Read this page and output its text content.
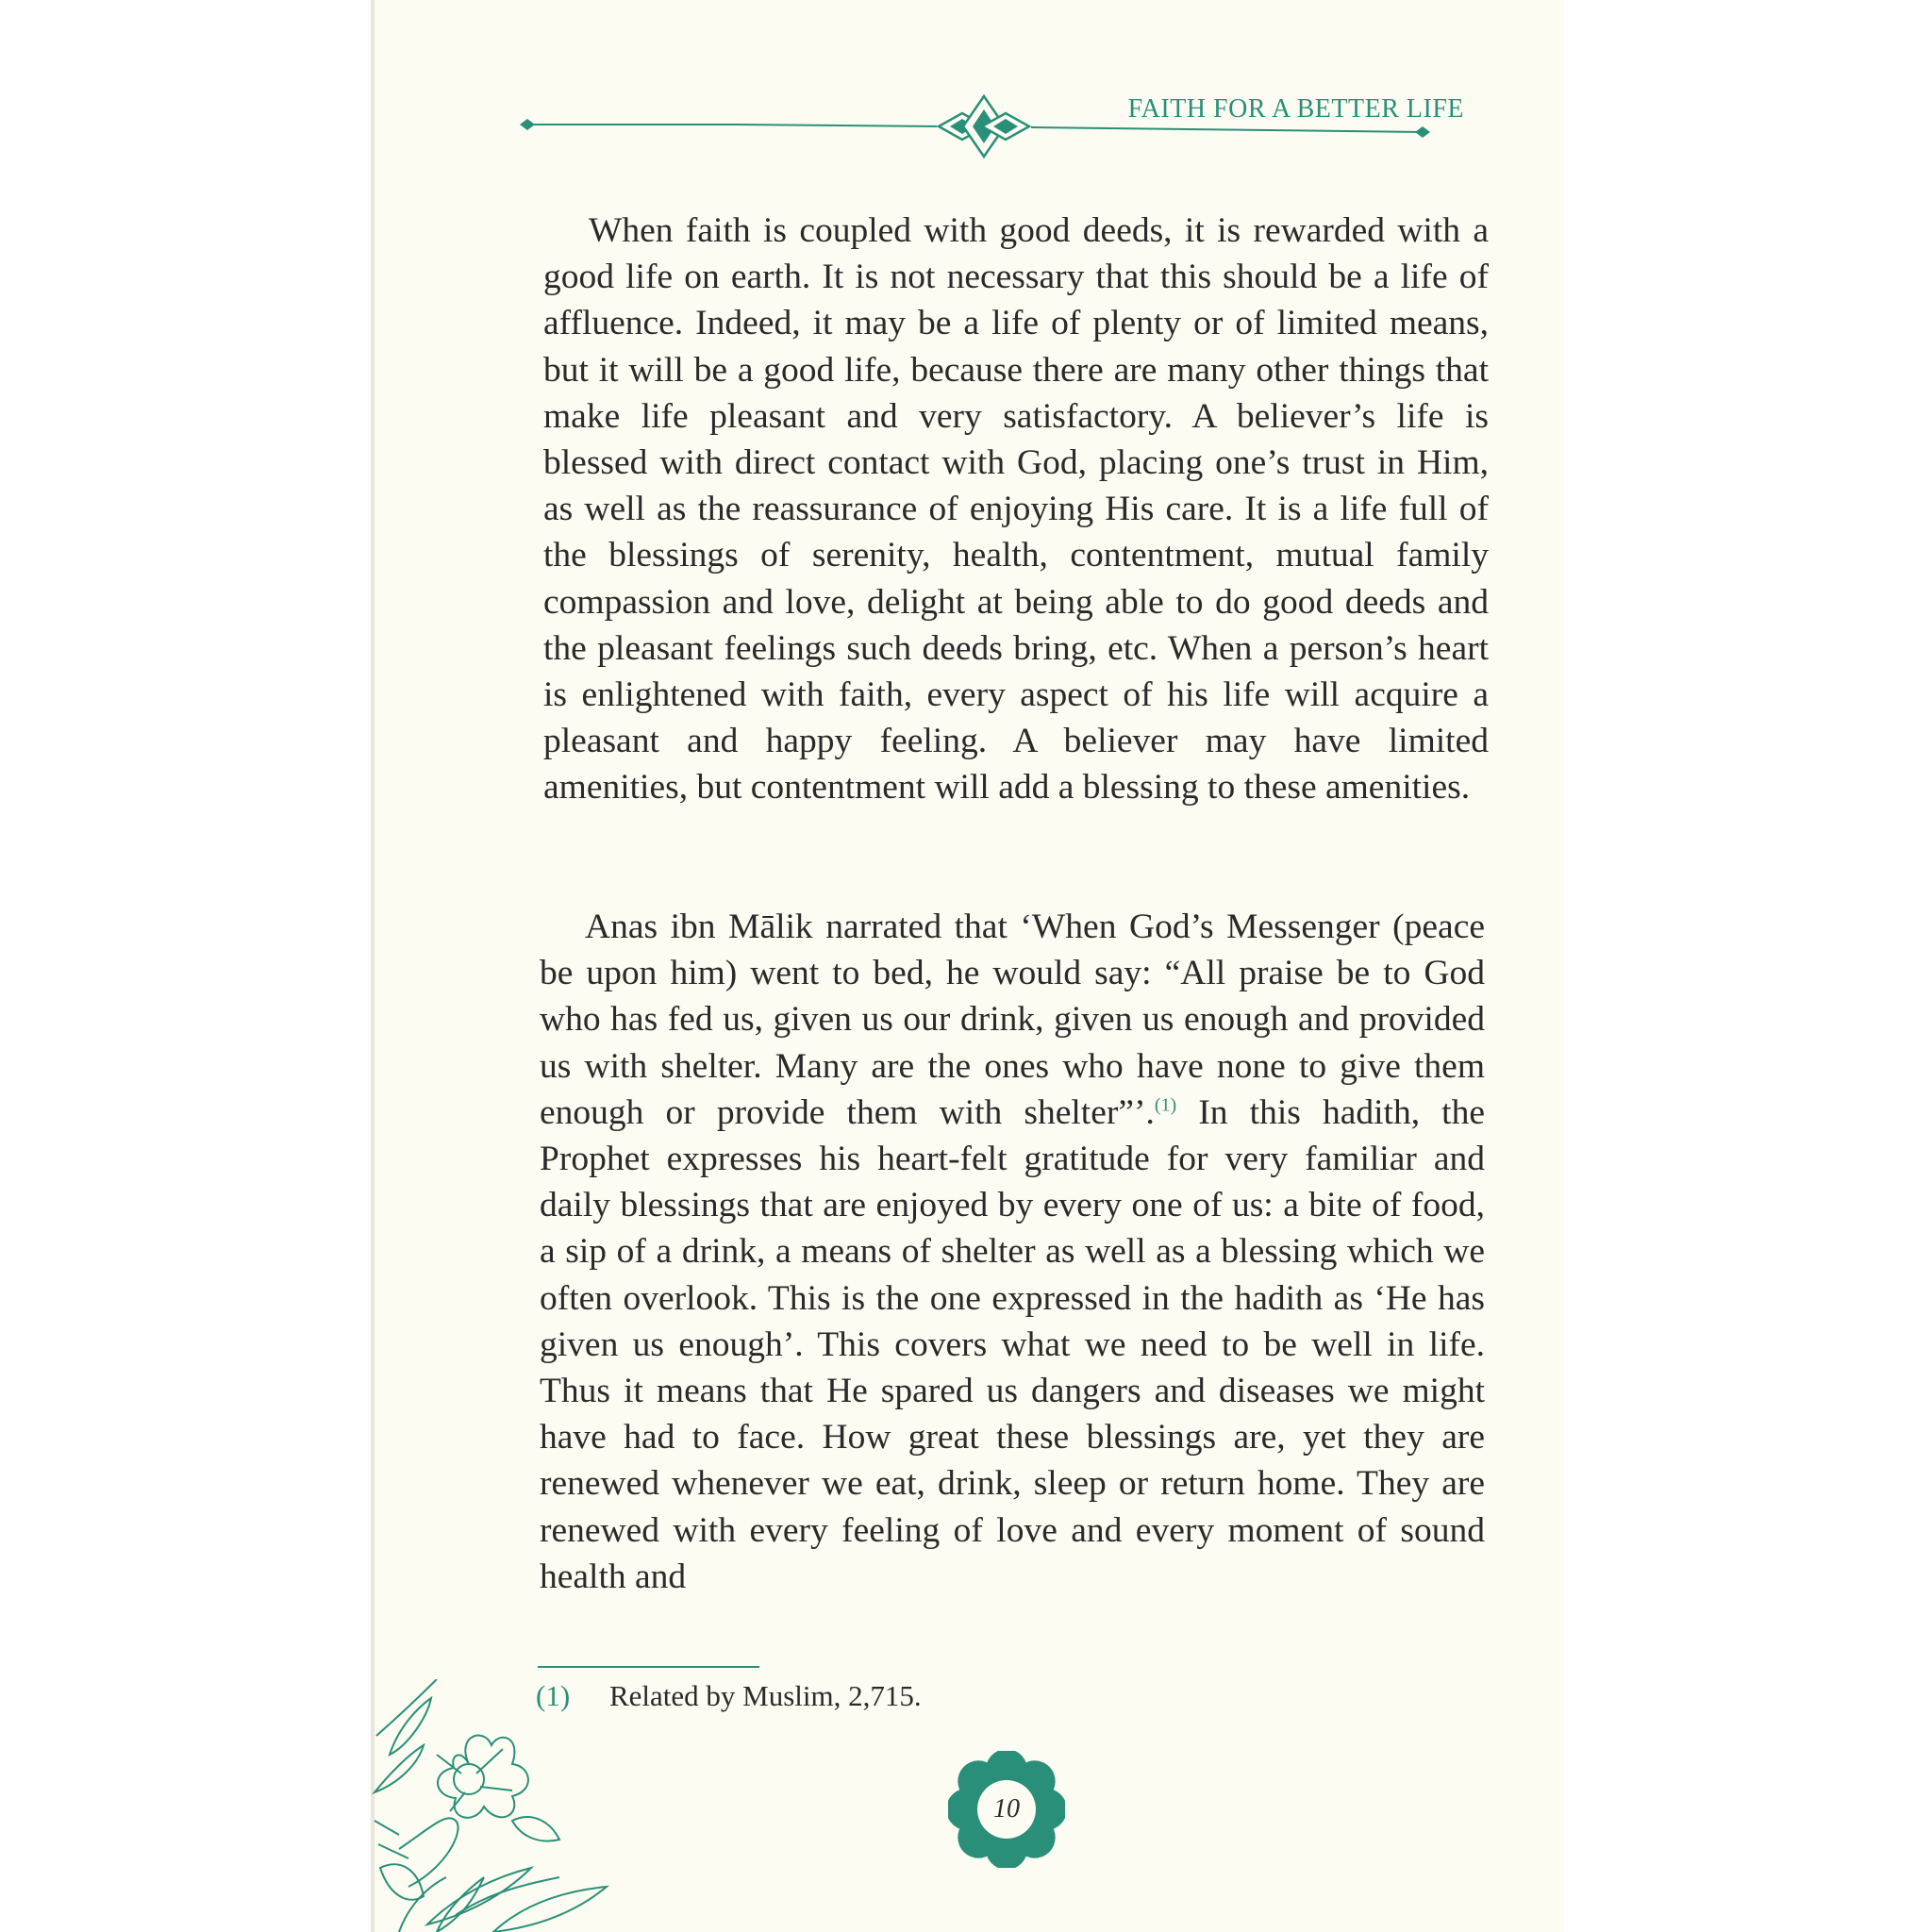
FAITH FOR A BETTER LIFE

When faith is coupled with good deeds, it is rewarded with a good life on earth. It is not necessary that this should be a life of affluence. Indeed, it may be a life of plenty or of limited means, but it will be a good life, because there are many other things that make life pleasant and very satisfactory. A believer’s life is blessed with direct contact with God, placing one’s trust in Him, as well as the reassurance of enjoying His care. It is a life full of the blessings of serenity, health, contentment, mutual family compassion and love, delight at being able to do good deeds and the pleasant feelings such deeds bring, etc. When a person’s heart is enlightened with faith, every aspect of his life will acquire a pleasant and happy feeling. A believer may have limited amenities, but contentment will add a blessing to these amenities.

Anas ibn Mālik narrated that ‘When God’s Messenger (peace be upon him) went to bed, he would say: “All praise be to God who has fed us, given us our drink, given us enough and provided us with shelter. Many are the ones who have none to give them enough or provide them with shelter”’.$^{(1)}$ In this hadith, the Prophet expresses his heart-felt gratitude for very familiar and daily blessings that are enjoyed by every one of us: a bite of food, a sip of a drink, a means of shelter as well as a blessing which we often overlook. This is the one expressed in the hadith as ‘He has given us enough’. This covers what we need to be well in life. Thus it means that He spared us dangers and diseases we might have had to face. How great these blessings are, yet they are renewed whenever we eat, drink, sleep or return home. They are renewed with every feeling of love and every moment of sound health and

(1) Related by Muslim, 2,715.
10
